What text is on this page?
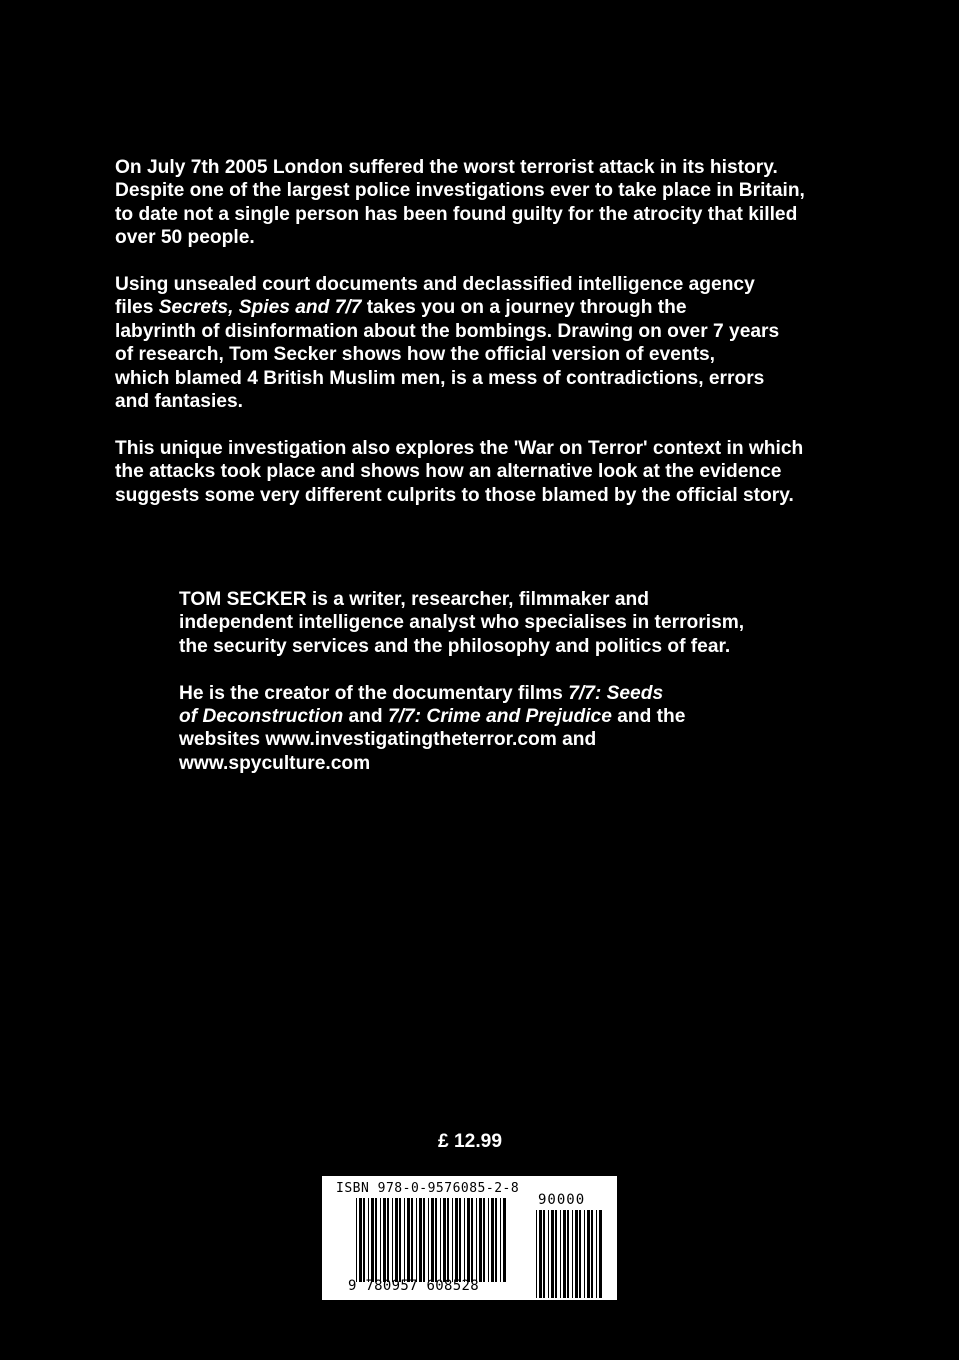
On July 7th 2005 London suffered the worst terrorist attack in its history.
Despite one of the largest police investigations ever to take place in Britain,
to date not a single person has been found guilty for the atrocity that killed
over 50 people.

Using unsealed court documents and declassified intelligence agency
files Secrets, Spies and 7/7 takes you on a journey through the
labyrinth of disinformation about the bombings. Drawing on over 7 years
of research, Tom Secker shows how the official version of events,
which blamed 4 British Muslim men, is a mess of contradictions, errors
and fantasies.

This unique investigation also explores the 'War on Terror' context in which
the attacks took place and shows how an alternative look at the evidence
suggests some very different culprits to those blamed by the official story.

TOM SECKER is a writer, researcher, filmmaker and
independent intelligence analyst who specialises in terrorism,
the security services and the philosophy and politics of fear.

He is the creator of the documentary films 7/7: Seeds
of Deconstruction and 7/7: Crime and Prejudice and the
websites www.investigatingtheterror.com and
www.spyculture.com

£ 12.99
ISBN 978-0-9576085-2-8
90000
9 780957 608528
